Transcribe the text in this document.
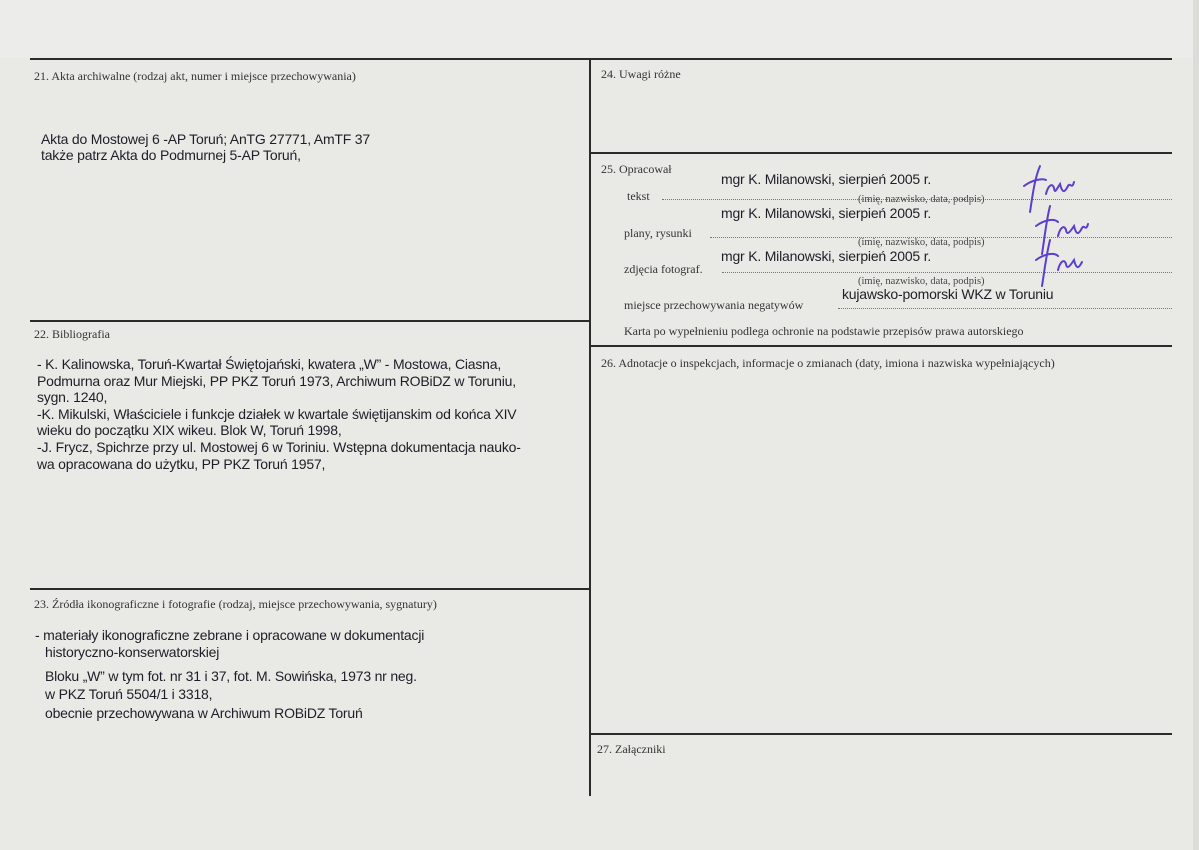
21. Akta archiwalne (rodzaj akt, numer i miejsce przechowywania)
Akta do Mostowej 6 -AP Toruń; AnTG 27771, AmTF 37
także patrz Akta do Podmurnej 5-AP Toruń,
22. Bibliografia
- K. Kalinowska, Toruń-Kwartał Świętojański, kwatera „W” - Mostowa, Ciasna,
Podmurna oraz Mur Miejski, PP PKZ Toruń 1973, Archiwum ROBiDZ w Toruniu,
sygn. 1240,
-K. Mikulski, Właściciele i funkcje działek w kwartale świętijanskim od końca XIV
wieku do początku XIX wikeu. Blok W, Toruń 1998,
-J. Frycz, Spichrze przy ul. Mostowej 6 w Toriniu. Wstępna dokumentacja nauko-
wa opracowana do użytku, PP PKZ Toruń 1957,
23. Źródła ikonograficzne i fotografie (rodzaj, miejsce przechowywania, sygnatury)
- materiały ikonograficzne zebrane i opracowane w dokumentacji
historyczno-konserwatorskiej
Bloku „W” w tym fot. nr 31 i 37, fot. M. Sowińska, 1973 nr neg.
w PKZ Toruń 5504/1 i 3318,
obecnie przechowywana w Archiwum ROBiDZ Toruń
24. Uwagi różne
25. Opracował
tekst
mgr K. Milanowski, sierpień 2005 r.
(imię, nazwisko, data, podpis)
plany, rysunki
mgr K. Milanowski, sierpień 2005 r.
(imię, nazwisko, data, podpis)
zdjęcia fotograf.
mgr K. Milanowski, sierpień 2005 r.
(imię, nazwisko, data, podpis)
miejsce przechowywania negatywów
kujawsko-pomorski WKZ w Toruniu
Karta po wypełnieniu podlega ochronie na podstawie przepisów prawa autorskiego
26. Adnotacje o inspekcjach, informacje o zmianach (daty, imiona i nazwiska wypełniających)
27. Załączniki
